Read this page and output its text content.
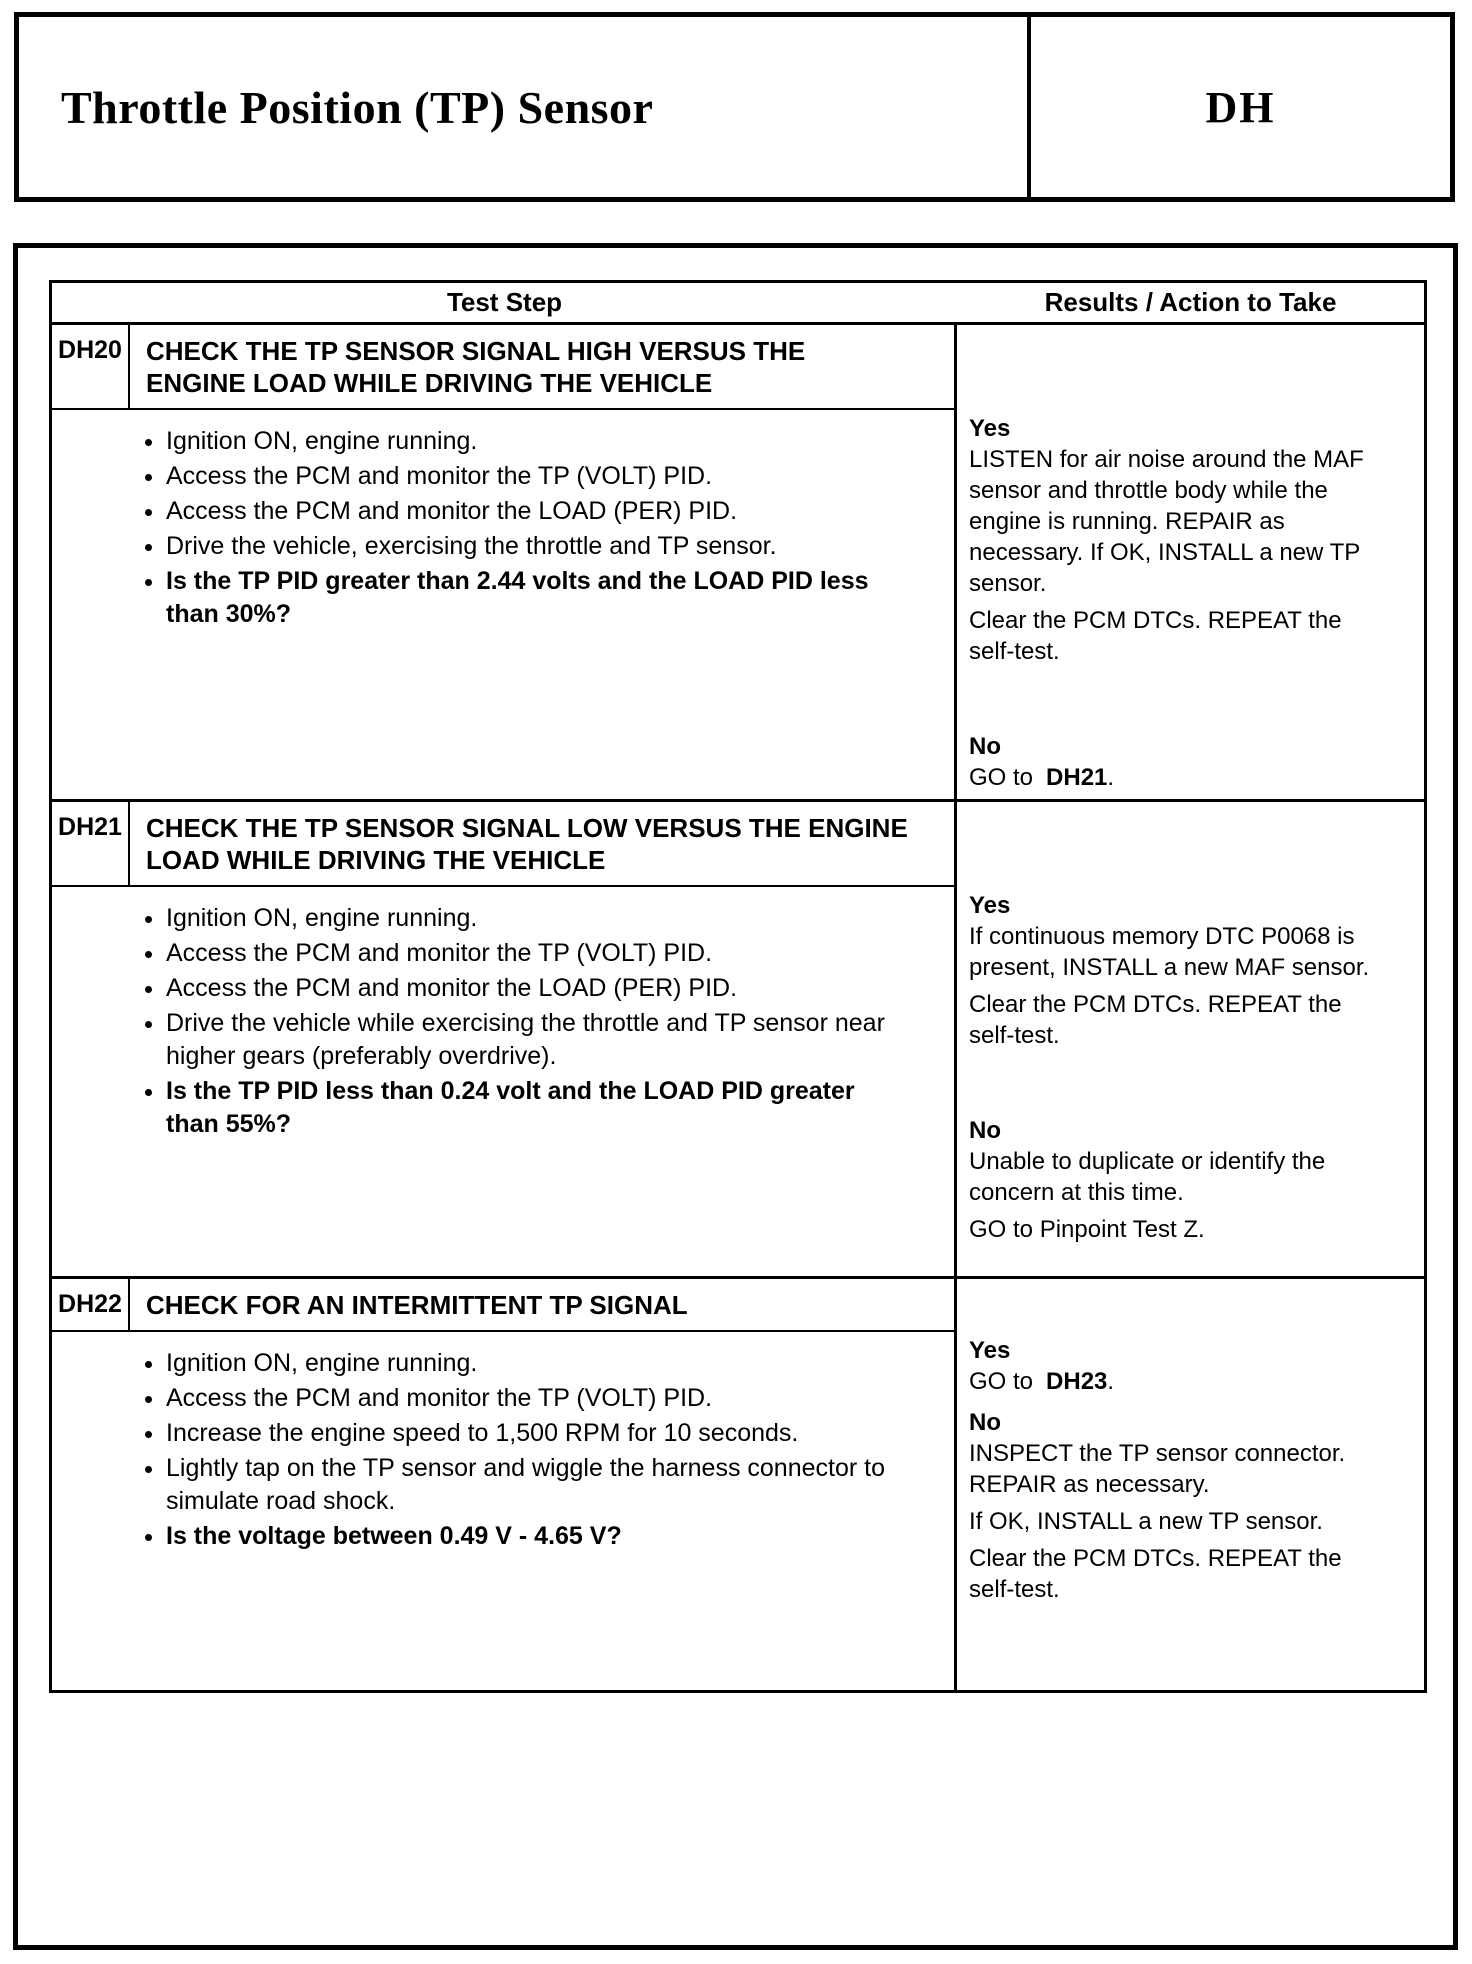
Throttle Position (TP) Sensor	DH
Test Step	Results / Action to Take
DH20 CHECK THE TP SENSOR SIGNAL HIGH VERSUS THE ENGINE LOAD WHILE DRIVING THE VEHICLE
• Ignition ON, engine running.
• Access the PCM and monitor the TP (VOLT) PID.
• Access the PCM and monitor the LOAD (PER) PID.
• Drive the vehicle, exercising the throttle and TP sensor.
• Is the TP PID greater than 2.44 volts and the LOAD PID less than 30%?
Yes

LISTEN for air noise around the MAF sensor and throttle body while the engine is running. REPAIR as necessary. If OK, INSTALL a new TP sensor.

Clear the PCM DTCs. REPEAT the self-test.

No

GO to DH21.

DH21 CHECK THE TP SENSOR SIGNAL LOW VERSUS THE ENGINE LOAD WHILE DRIVING THE VEHICLE
• Ignition ON, engine running.
• Access the PCM and monitor the TP (VOLT) PID.
• Access the PCM and monitor the LOAD (PER) PID.
• Drive the vehicle while exercising the throttle and TP sensor near higher gears (preferably overdrive).
• Is the TP PID less than 0.24 volt and the LOAD PID greater than 55%?
Yes

If continuous memory DTC P0068 is present, INSTALL a new MAF sensor.

Clear the PCM DTCs. REPEAT the self-test.

No

Unable to duplicate or identify the concern at this time.

GO to Pinpoint Test Z.

DH22 CHECK FOR AN INTERMITTENT TP SIGNAL
• Ignition ON, engine running.
• Access the PCM and monitor the TP (VOLT) PID.
• Increase the engine speed to 1,500 RPM for 10 seconds.
• Lightly tap on the TP sensor and wiggle the harness connector to simulate road shock.
• Is the voltage between 0.49 V - 4.65 V?
Yes

GO to DH23.

No

INSPECT the TP sensor connector. REPAIR as necessary.

If OK, INSTALL a new TP sensor.

Clear the PCM DTCs. REPEAT the self-test.
